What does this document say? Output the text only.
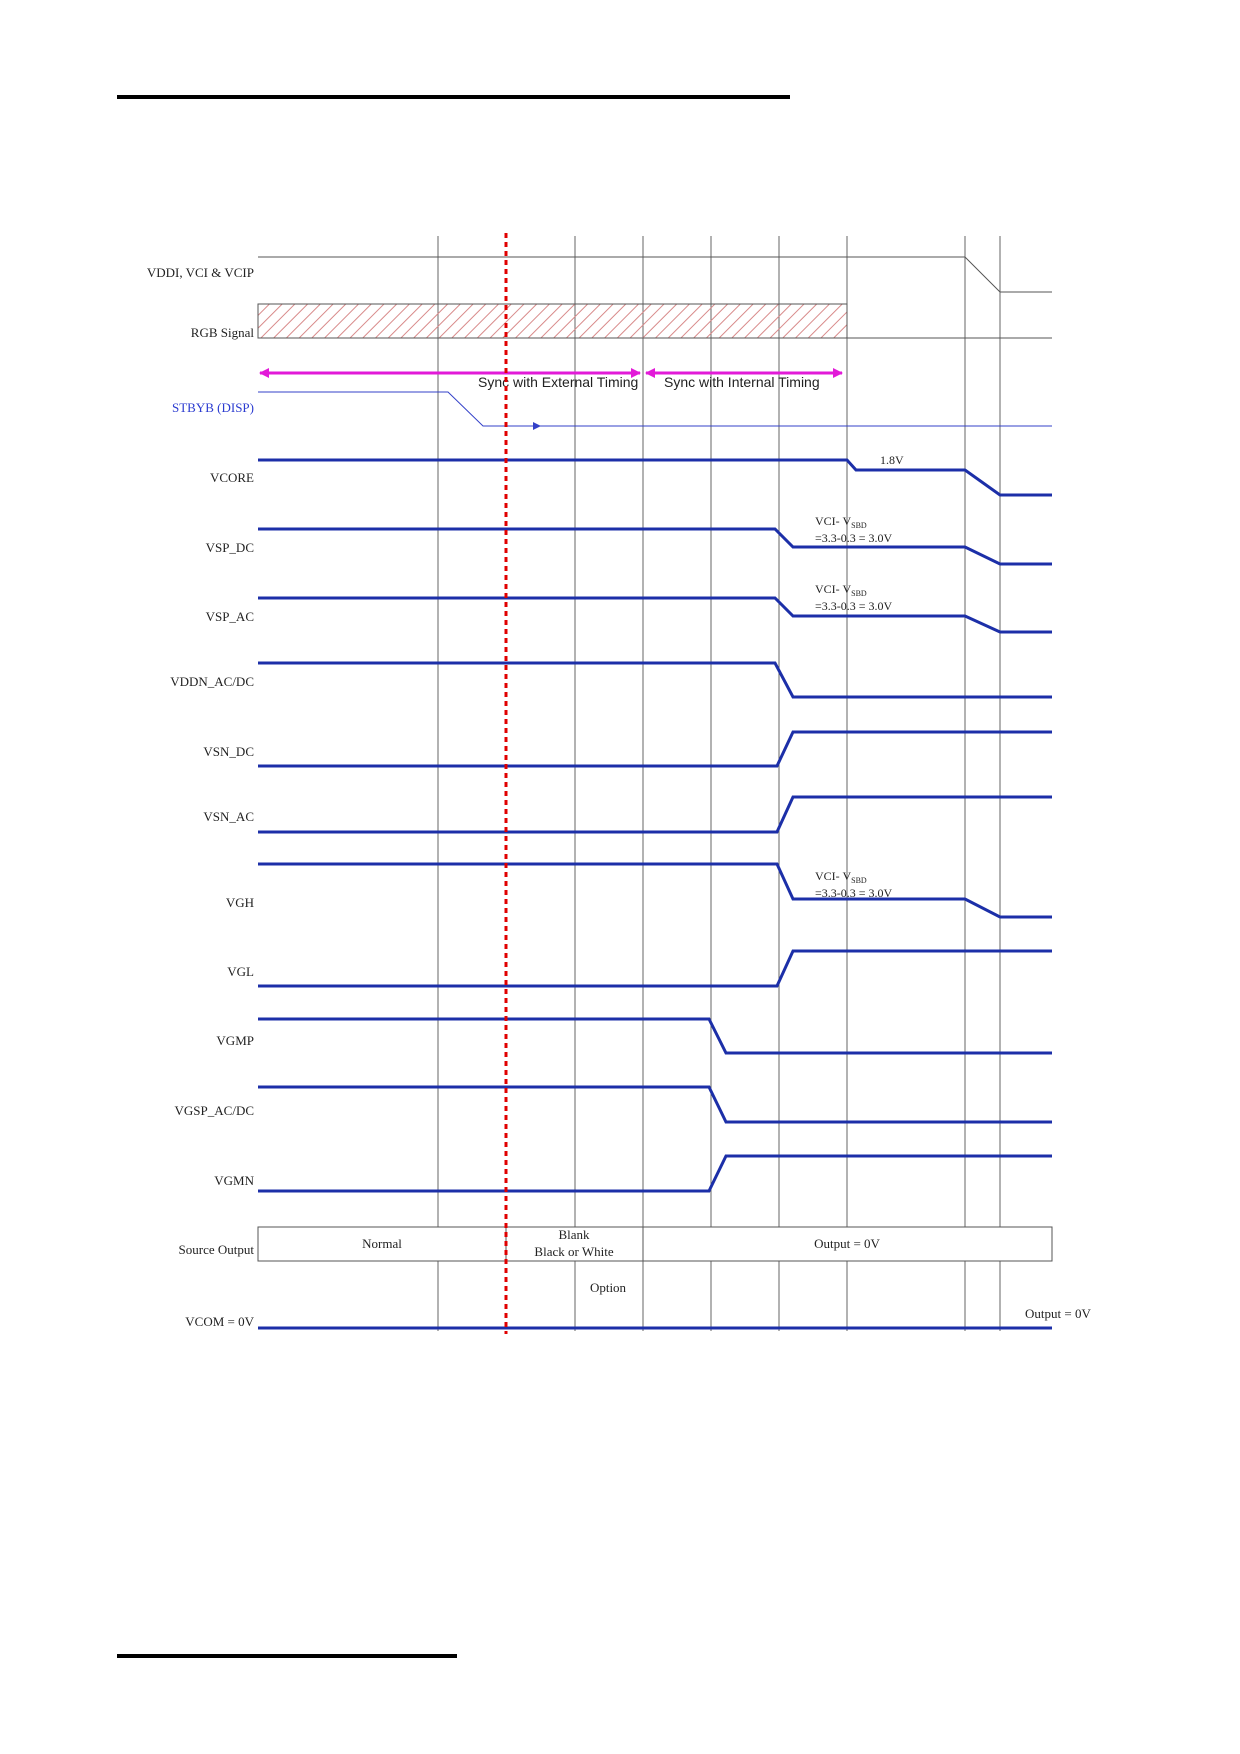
Sync with External Timing Sync with Internal Timing
Normal
Blank
Black or White
Output = 0V
Option
Output = 0V
1.8V
VCI- $V_{SBD}$
=3.3-0.3 = 3.0V
VCI- $V_{SBD}$
=3.3-0.3 = 3.0V
VCI- $V_{SBD}$
=3.3-0.3 = 3.0V
VDDI, VCI & VCIP
RGB Signal
STBYB (DISP)
VCORE
VSP_DC
VSP_AC
VDDN_AC/DC
VSN_DC
VSN_AC
VGH
VGL
VGMP
VGSP_AC/DC
VGMN
Source Output
VCOM = 0V
